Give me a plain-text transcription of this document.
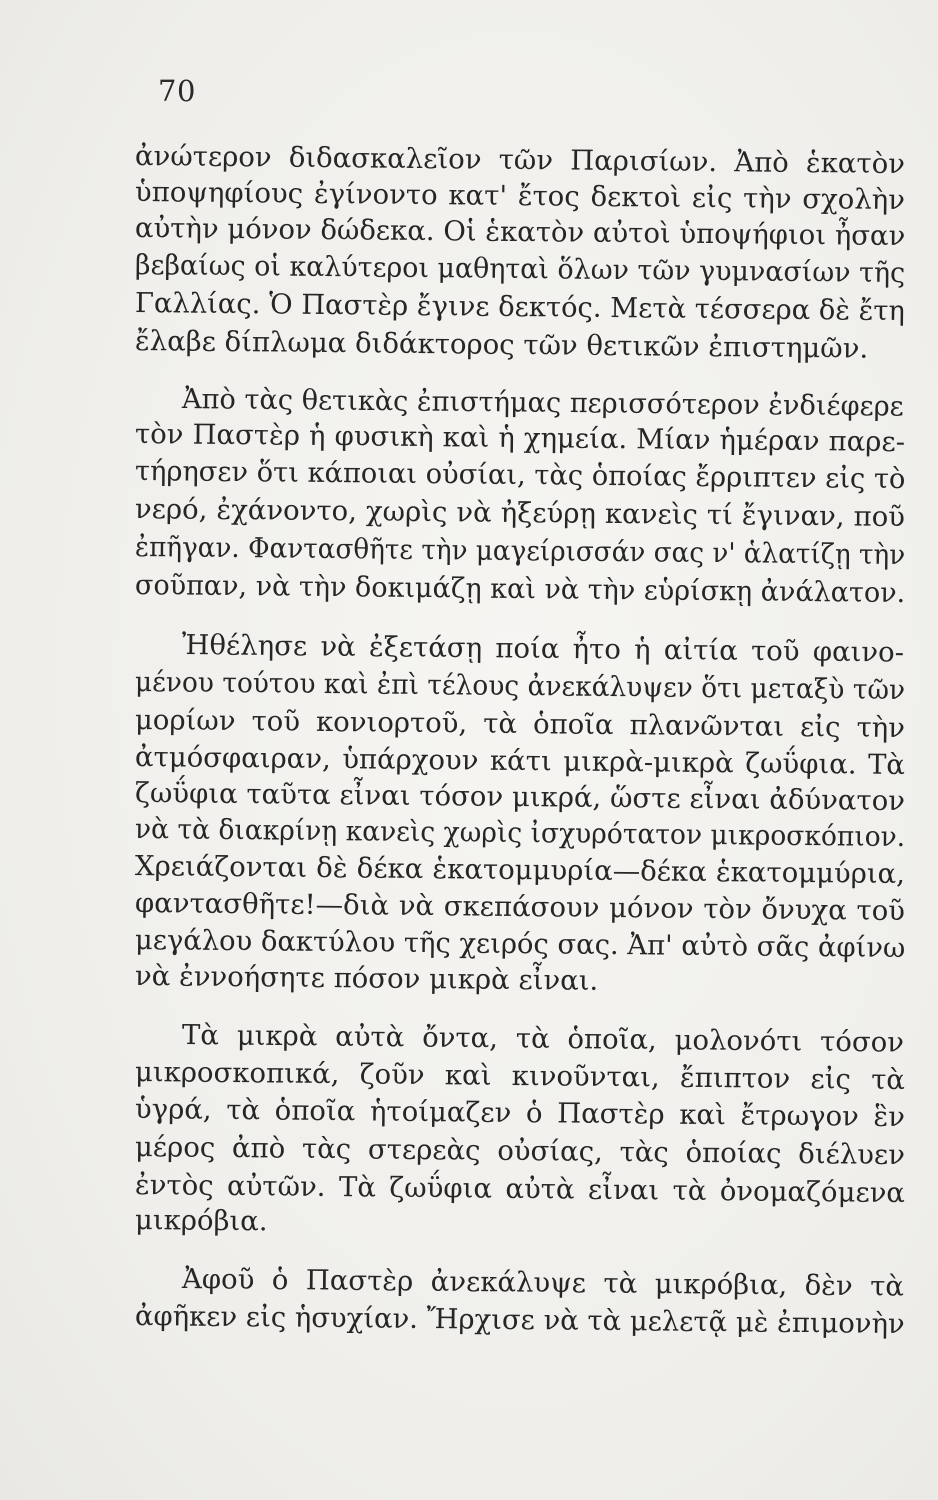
70
ἀνώτερον διδασκαλεῖον τῶν Παρισίων. Ἀπὸ ἑκατὸν
ὑποψηφίους ἐγίνοντο κατ' ἔτος δεκτοὶ εἰς τὴν σχολὴν
αὐτὴν μόνον δώδεκα. Οἱ ἑκατὸν αὐτοὶ ὑποψήφιοι ἦσαν
βεβαίως οἱ καλύτεροι μαθηταὶ ὅλων τῶν γυμνασίων τῆς
Γαλλίας. Ὁ Παστὲρ ἔγινε δεκτός. Μετὰ τέσσερα δὲ ἔτη
ἔλαβε δίπλωμα διδάκτορος τῶν θετικῶν ἐπιστημῶν.
Ἀπὸ τὰς θετικὰς ἐπιστήμας περισσότερον ἐνδιέφερε
τὸν Παστὲρ ἡ φυσικὴ καὶ ἡ χημεία. Μίαν ἡμέραν παρε-
τήρησεν ὅτι κάποιαι οὐσίαι, τὰς ὁποίας ἔρριπτεν εἰς τὸ
νερό, ἐχάνοντο, χωρὶς νὰ ἠξεύρῃ κανεὶς τί ἔγιναν, ποῦ
ἐπῆγαν. Φαντασθῆτε τὴν μαγείρισσάν σας ν' ἁλατίζῃ τὴν
σοῦπαν, νὰ τὴν δοκιμάζῃ καὶ νὰ τὴν εὑρίσκῃ ἀνάλατον.
Ἠθέλησε νὰ ἐξετάσῃ ποία ἦτο ἡ αἰτία τοῦ φαινο-
μένου τούτου καὶ ἐπὶ τέλους ἀνεκάλυψεν ὅτι μεταξὺ τῶν
μορίων τοῦ κονιορτοῦ, τὰ ὁποῖα πλανῶνται εἰς τὴν
ἀτμόσφαιραν, ὑπάρχουν κάτι μικρὰ-μικρὰ ζωΰφια. Τὰ
ζωΰφια ταῦτα εἶναι τόσον μικρά, ὥστε εἶναι ἀδύνατον
νὰ τὰ διακρίνῃ κανεὶς χωρὶς ἰσχυρότατον μικροσκόπιον.
Χρειάζονται δὲ δέκα ἑκατομμυρία—δέκα ἑκατομμύρια,
φαντασθῆτε!—διὰ νὰ σκεπάσουν μόνον τὸν ὄνυχα τοῦ
μεγάλου δακτύλου τῆς χειρός σας. Ἀπ' αὐτὸ σᾶς ἀφίνω
νὰ ἐννοήσητε πόσον μικρὰ εἶναι.
Τὰ μικρὰ αὐτὰ ὄντα, τὰ ὁποῖα, μολονότι τόσον
μικροσκοπικά, ζοῦν καὶ κινοῦνται, ἔπιπτον εἰς τὰ
ὑγρά, τὰ ὁποῖα ἡτοίμαζεν ὁ Παστὲρ καὶ ἔτρωγον ἓν
μέρος ἀπὸ τὰς στερεὰς οὐσίας, τὰς ὁποίας διέλυεν
ἐντὸς αὐτῶν. Τὰ ζωΰφια αὐτὰ εἶναι τὰ ὀνομαζόμενα
μικρόβια.
Ἀφοῦ ὁ Παστὲρ ἀνεκάλυψε τὰ μικρόβια, δὲν τὰ
ἀφῆκεν εἰς ἡσυχίαν. Ἤρχισε νὰ τὰ μελετᾷ μὲ ἐπιμονὴν
